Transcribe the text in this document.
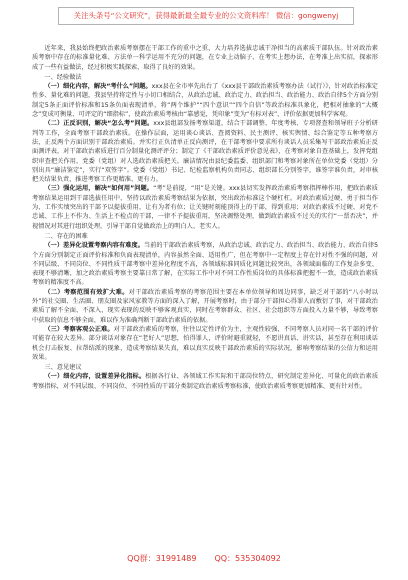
关注头条号“公文研究”，获得最新最全最专业的公文资料库！ 微信：gongwenyj

近年来，我县始终把政治素质考察摆在干部工作的重中之重，大力培养选拔忠诚干净担当的高素质干部队伍。针对政治素质考察中存在的标准量化难、方法单一科学运用不充分的问题，在专业上动脑子、在考实上想办法，在考准上出实招，探索形成了一些有益做法，经过积极实践探索，取得了良好的效果。

一、经验做法

（一）细化内容，解决“考什么”问题。xxx县在全市率先出台了《xxx县干部政治素质考察办法（试行）》，针对政治标准定性多、量化难的问题，我县坚持将定性与小切口相结合，从政治忠诚、政治定力、政治担当、政治能力、政治自律5个方面分别制定5条正面评价标准和15条负面表现清单，将“两个维护”“四个意识”“四个自信”等政治标准具象化，把相对抽象的“大概念”变成可衡量、可评定的“细指标”，使政治素质考核由“靠感觉，凭印象”变为“有标对表”，评价依据更加科学客观。

（二）正反识别，解决“怎么考”问题。xxx县组部发扬考察渠道，结合干部调整、年度考核、专项督查和领导班子分析研判等工作，全面考察干部政治素质。在操作层面，运用谈心谈话、查阅资料、民主测评、核实舆情、综合鉴定等五种考察方法，正反两个方面识别干部政治素质。并实行正负清单正反向测评，在干部考察中要求所有谈话人员采集写干部政治素质正反面测评表，对干部政治素质进行百分制量化测评评分；制定了《干部政治素质评价意见表》，在考察对象自查基础上，发挥党组织审查把关作用，党委（党组）对人选政治素质把关。廉洁情况由县纪委监委、组织部门和考察对象所在单位党委（党组）分别出具“廉洁鉴定”，实行“双签字”。党委（党组）书记、纪检监察机构负责同志、组织部长分别签字，谁签字谁负责，对审核把关结果负责，推进考察工作更精准、更有力。

（三）强化运用，解决“如何用”问题。“考”是前提，“用”是关键。xxx县切实发挥政治素质考察指挥棒作用，把政治素质考察结果运用到干部选拔任用中，坚持以政治素质考察结果为依据，突出政治标准这个硬杠杠。对政治素质过硬、勇于担当作为、工作实绩突出的干部予以提拔重用，让有为者有位；让关键时刻能顶得上的干部，得到重用；对政治素质不过硬、对党不忠诚、工作上不作为、生活上不检点的干部，一律不予提拔重用，坚决调整处理，做到政治素质不过关的实行“一票否决”，并视情况对其进行组织处理，引导干部自觉做政治上的明白人、老实人。

二、存在的困难

（一）差异化设置考察内容有难度。当前的干部政治素质考察，从政治忠诚、政治定力、政治担当、政治能力、政治自律5个方面分别制定正面评价标准和负面表现清单，内容虽然全面、适用性广，但在考察中一定程度上存在针对性不强的问题，对不同层级、不同岗位、不同性质干部考察中差异化程度不高，各领域标准同质化问题比较突出，各领域面临的工作复杂多变、表现不够清晰，加之政治素质考察主要靠日常了解，在实际工作中对不同工作性质岗位的具体标准把握不一致，造成政治素质考察的精准度不高。

（二）考察范围有效扩大难。对干部政治素质考察的考察范围主要在本单位领导和周边同事，缺乏对干部的“八小时以外”的社交圈、生活圈、朋友圈及家风家教等方面的深入了解，开展考察时，由于部分干部担心得罪人而敷衍了事，对干部政治素质了解不全面、不深入，现实表现的反映不够客观真实，同时在考察群众、社区、社会组织等方面投入力量不够，导致考察中获取的信息不够全面，难以作为准确判断干部政治素质的依据。

（三）考察客观公正难。对干部政治素质的考察，往往以定性评价为主，主观性较强，不同考察人员对同一名干部的评价可能存在较大差异。部分谈话对象存在“老好人”思想，怕得罪人，评价时避重就轻，不愿讲真话、讲实话，甚至存在利用谈话机会打击报复、拉帮结派的现象，造成考察结果失真，难以真实反映干部政治素质的实际状况，影响考察结果的公信力和运用效果。

三、意见建议

（一）细化内容，设置差异化指标。根据各行业、各领域工作实际和干部岗位特点，研究制定差异化、可量化的政治素质考察指标，对不同层级、不同岗位、不同性质的干部分类制定政治素质考察标准，使政治素质考察更加精准、更有针对性。

QQ群：31991489 QQ：535304092
